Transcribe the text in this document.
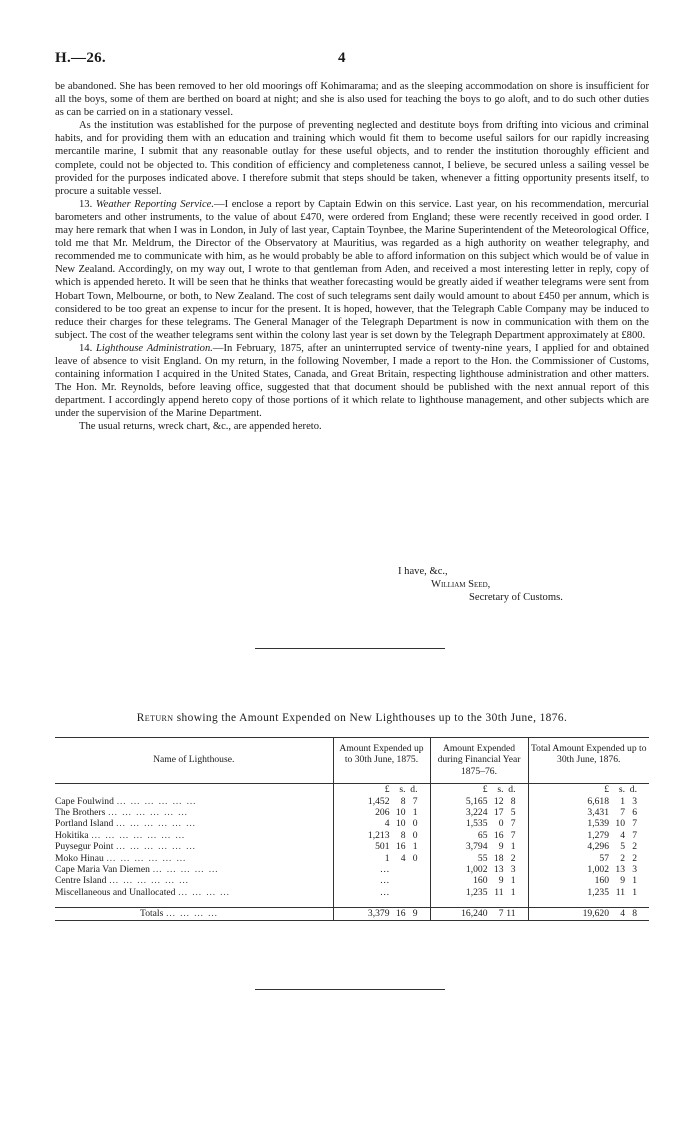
H.—26.	4

be abandoned. She has been removed to her old moorings off Kohimarama; and as the sleeping accommodation on shore is insufficient for all the boys, some of them are berthed on board at night; and she is also used for teaching the boys to go aloft, and to do such other duties as can be carried on in a stationary vessel.

As the institution was established for the purpose of preventing neglected and destitute boys from drifting into vicious and criminal habits, and for providing them with an education and training which would fit them to become useful sailors for our rapidly increasing mercantile marine, I submit that any reasonable outlay for these useful objects, and to render the institution thoroughly efficient and complete, could not be objected to. This condition of efficiency and completeness cannot, I believe, be secured unless a sailing vessel be provided for the purposes indicated above. I therefore submit that steps should be taken, whenever a fitting opportunity presents itself, to procure a suitable vessel.

13. Weather Reporting Service.—I enclose a report by Captain Edwin on this service. Last year, on his recommendation, mercurial barometers and other instruments, to the value of about £470, were ordered from England; these were recently received in good order. I may here remark that when I was in London, in July of last year, Captain Toynbee, the Marine Superintendent of the Meteorological Office, told me that Mr. Meldrum, the Director of the Observatory at Mauritius, was regarded as a high authority on weather telegraphy, and recommended me to communicate with him, as he would probably be able to afford information on this subject which would be of value in New Zealand. Accordingly, on my way out, I wrote to that gentleman from Aden, and received a most interesting letter in reply, copy of which is appended hereto. It will be seen that he thinks that weather forecasting would be greatly aided if weather telegrams were sent from Hobart Town, Melbourne, or both, to New Zealand. The cost of such telegrams sent daily would amount to about £450 per annum, which is considered to be too great an expense to incur for the present. It is hoped, however, that the Telegraph Cable Company may be induced to reduce their charges for these telegrams. The General Manager of the Telegraph Department is now in communication with them on the subject. The cost of the weather telegrams sent within the colony last year is set down by the Telegraph Department approximately at £800.

14. Lighthouse Administration.—In February, 1875, after an uninterrupted service of twenty-nine years, I applied for and obtained leave of absence to visit England. On my return, in the following November, I made a report to the Hon. the Commissioner of Customs, containing information I acquired in the United States, Canada, and Great Britain, respecting lighthouse administration and other matters. The Hon. Mr. Reynolds, before leaving office, suggested that that document should be published with the next annual report of this department. I accordingly append hereto copy of those portions of it which relate to lighthouse management, and other subjects which are under the supervision of the Marine Department.

The usual returns, wreck chart, &c., are appended hereto.

I have, &c.,
William Seed,
Secretary of Customs.
Return showing the Amount Expended on New Lighthouses up to the 30th June, 1876.
Name of Lighthouse.	Amount Expended up to 30th June, 1875.	Amount Expended during Financial Year 1875–76.	Total Amount Expended up to 30th June, 1876.
	£ s. d.	£ s. d.	£ s. d.
Cape Foulwind … … … … … …	1,452 8 7	5,165 12 8	6,618 1 3
The Brothers … … … … … …	206 10 1	3,224 17 5	3,431 7 6
Portland Island … … … … … …	4 10 0	1,535 0 7	1,539 10 7
Hokitika … … … … … … …	1,213 8 0	65 16 7	1,279 4 7
Puysegur Point … … … … … …	501 16 1	3,794 9 1	4,296 5 2
Moko Hinau … … … … … …	1 4 0	55 18 2	57 2 2
Cape Maria Van Diemen … … … … …	…	1,002 13 3	1,002 13 3
Centre Island … … … … … …	…	160 9 1	160 9 1
Miscellaneous and Unallocated … … … …	…	1,235 11 1	1,235 11 1
Totals … … … …	3,379 16 9	16,240 7 11	19,620 4 8
